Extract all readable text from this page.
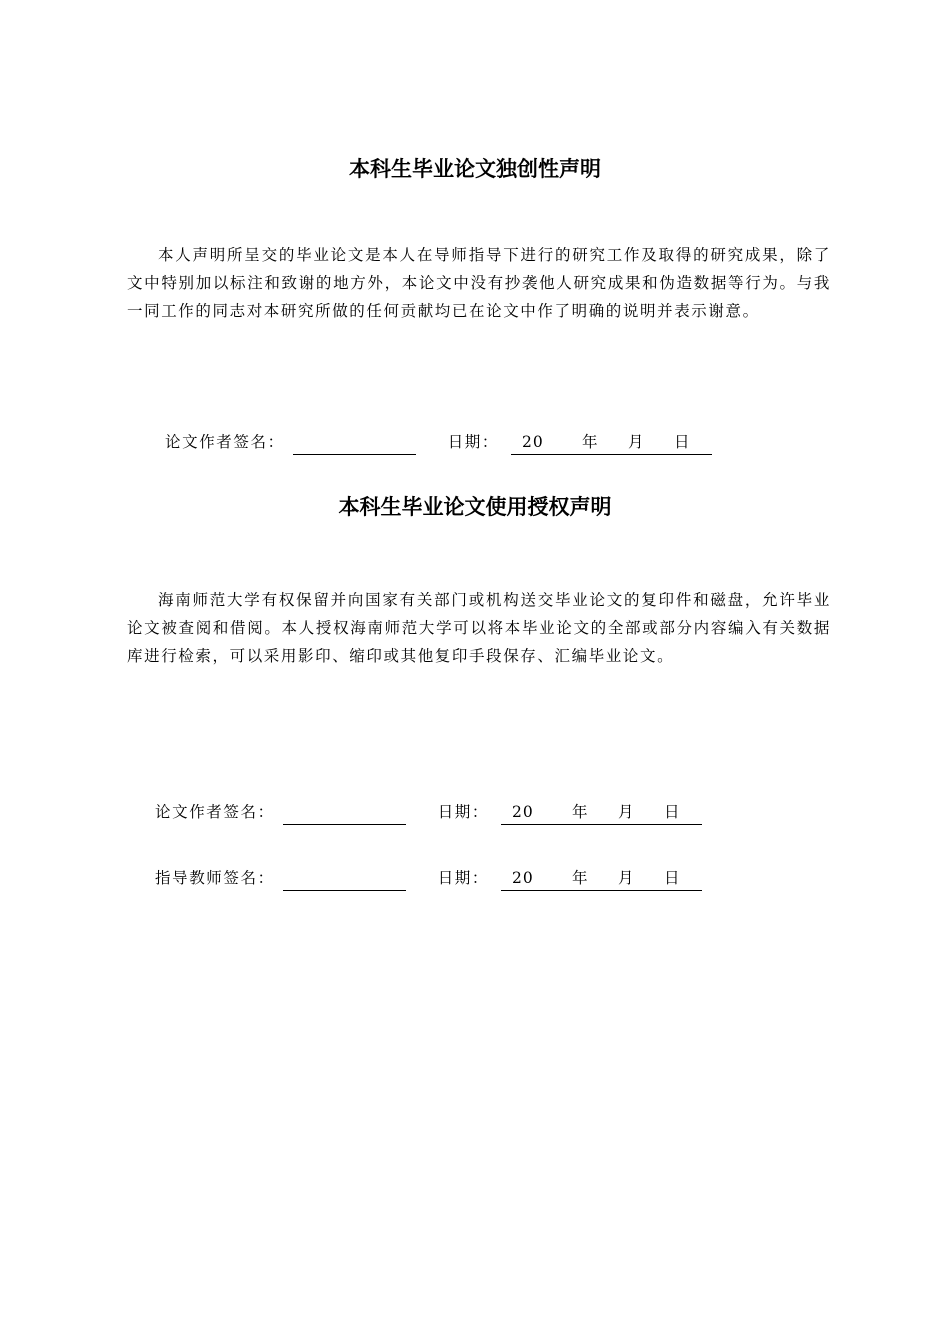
本科生毕业论文独创性声明

本人声明所呈交的毕业论文是本人在导师指导下进行的研究工作及取得的研究成果，除了文中特别加以标注和致谢的地方外，本论文中没有抄袭他人研究成果和伪造数据等行为。与我一同工作的同志对本研究所做的任何贡献均已在论文中作了明确的说明并表示谢意。

论文作者签名：	日期： 20 年 月 日
本科生毕业论文使用授权声明

海南师范大学有权保留并向国家有关部门或机构送交毕业论文的复印件和磁盘，允许毕业论文被查阅和借阅。本人授权海南师范大学可以将本毕业论文的全部或部分内容编入有关数据库进行检索，可以采用影印、缩印或其他复印手段保存、汇编毕业论文。

论文作者签名：	日期： 20 年 月 日
指导教师签名：	日期： 20 年 月 日
